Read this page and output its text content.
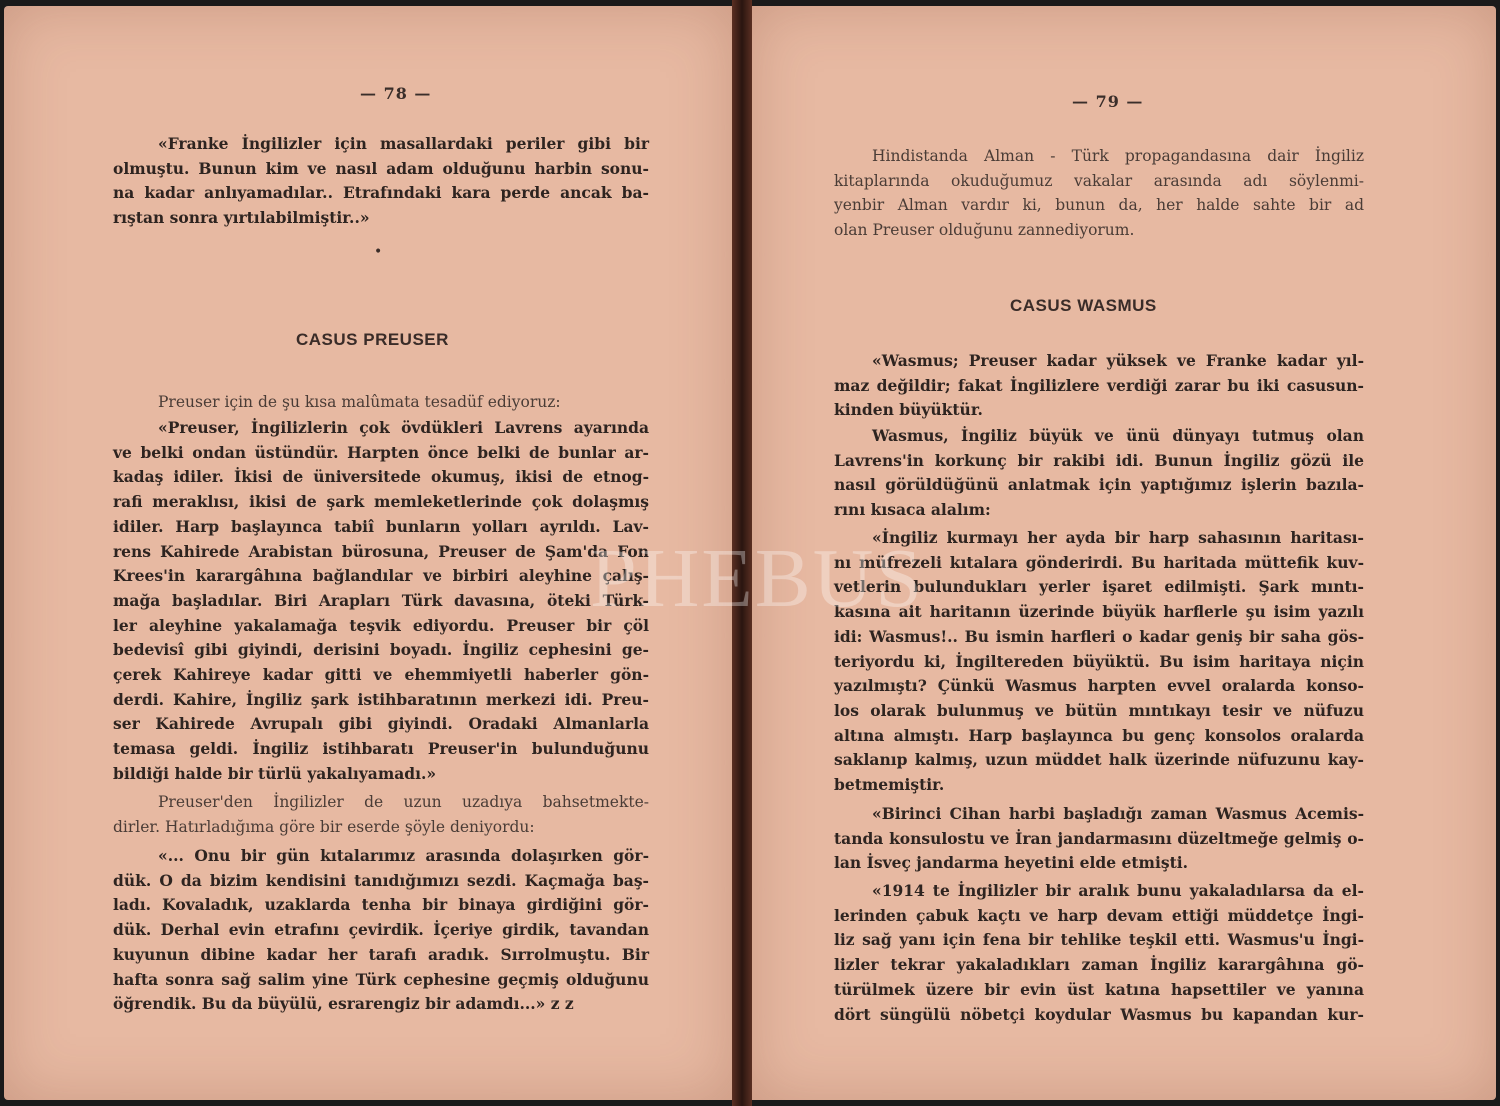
— 78 —

«Franke İngilizler için masallardaki periler gibi bir

olmuştu. Bunun kim ve nasıl adam olduğunu harbin sonu-

na kadar anlıyamadılar.. Etrafındaki kara perde ancak ba-

rıştan sonra yırtılabilmiştir..»

•
CASUS PREUSER

Preuser için de şu kısa malûmata tesadüf ediyoruz:

«Preuser, İngilizlerin çok övdükleri Lavrens ayarında

ve belki ondan üstündür. Harpten önce belki de bunlar ar-

kadaş idiler. İkisi de üniversitede okumuş, ikisi de etnog-

rafi meraklısı, ikisi de şark memleketlerinde çok dolaşmış

idiler. Harp başlayınca tabiî bunların yolları ayrıldı. Lav-

rens Kahirede Arabistan bürosuna, Preuser de Şam'da Fon

Krees'in karargâhına bağlandılar ve birbiri aleyhine çalış-

mağa başladılar. Biri Arapları Türk davasına, öteki Türk-

ler aleyhine yakalamağa teşvik ediyordu. Preuser bir çöl

bedevisî gibi giyindi, derisini boyadı. İngiliz cephesini ge-

çerek Kahireye kadar gitti ve ehemmiyetli haberler gön-

derdi. Kahire, İngiliz şark istihbaratının merkezi idi. Preu-

ser Kahirede Avrupalı gibi giyindi. Oradaki Almanlarla

temasa geldi. İngiliz istihbaratı Preuser'in bulunduğunu

bildiği halde bir türlü yakalıyamadı.»

Preuser'den İngilizler de uzun uzadıya bahsetmekte-

dirler. Hatırladığıma göre bir eserde şöyle deniyordu:

«... Onu bir gün kıtalarımız arasında dolaşırken gör-

dük. O da bizim kendisini tanıdığımızı sezdi. Kaçmağa baş-

ladı. Kovaladık, uzaklarda tenha bir binaya girdiğini gör-

dük. Derhal evin etrafını çevirdik. İçeriye girdik, tavandan

kuyunun dibine kadar her tarafı aradık. Sırrolmuştu. Bir

hafta sonra sağ salim yine Türk cephesine geçmiş olduğunu

öğrendik. Bu da büyülü, esrarengiz bir adamdı...» z z

— 79 —

Hindistanda Alman - Türk propagandasına dair İngiliz

kitaplarında okuduğumuz vakalar arasında adı söylenmi-

yenbir Alman vardır ki, bunun da, her halde sahte bir ad

olan Preuser olduğunu zannediyorum.

CASUS WASMUS

«Wasmus; Preuser kadar yüksek ve Franke kadar yıl-

maz değildir; fakat İngilizlere verdiği zarar bu iki casusun-

kinden büyüktür.

Wasmus, İngiliz büyük ve ünü dünyayı tutmuş olan

Lavrens'in korkunç bir rakibi idi. Bunun İngiliz gözü ile

nasıl görüldüğünü anlatmak için yaptığımız işlerin bazıla-

rını kısaca alalım:

«İngiliz kurmayı her ayda bir harp sahasının haritası-

nı müfrezeli kıtalara gönderirdi. Bu haritada müttefik kuv-

vetlerin bulundukları yerler işaret edilmişti. Şark mıntı-

kasına ait haritanın üzerinde büyük harflerle şu isim yazılı

idi: Wasmus!.. Bu ismin harfleri o kadar geniş bir saha gös-

teriyordu ki, İngiltereden büyüktü. Bu isim haritaya niçin

yazılmıştı? Çünkü Wasmus harpten evvel oralarda konso-

los olarak bulunmuş ve bütün mıntıkayı tesir ve nüfuzu

altına almıştı. Harp başlayınca bu genç konsolos oralarda

saklanıp kalmış, uzun müddet halk üzerinde nüfuzunu kay-

betmemiştir.

«Birinci Cihan harbi başladığı zaman Wasmus Acemis-

tanda konsulostu ve İran jandarmasını düzeltmeğe gelmiş o-

lan İsveç jandarma heyetini elde etmişti.

«1914 te İngilizler bir aralık bunu yakaladılarsa da el-

lerinden çabuk kaçtı ve harp devam ettiği müddetçe İngi-

liz sağ yanı için fena bir tehlike teşkil etti. Wasmus'u İngi-

lizler tekrar yakaladıkları zaman İngiliz karargâhına gö-

türülmek üzere bir evin üst katına hapsettiler ve yanına

dört süngülü nöbetçi koydular Wasmus bu kapandan kur-

PHEBUS
